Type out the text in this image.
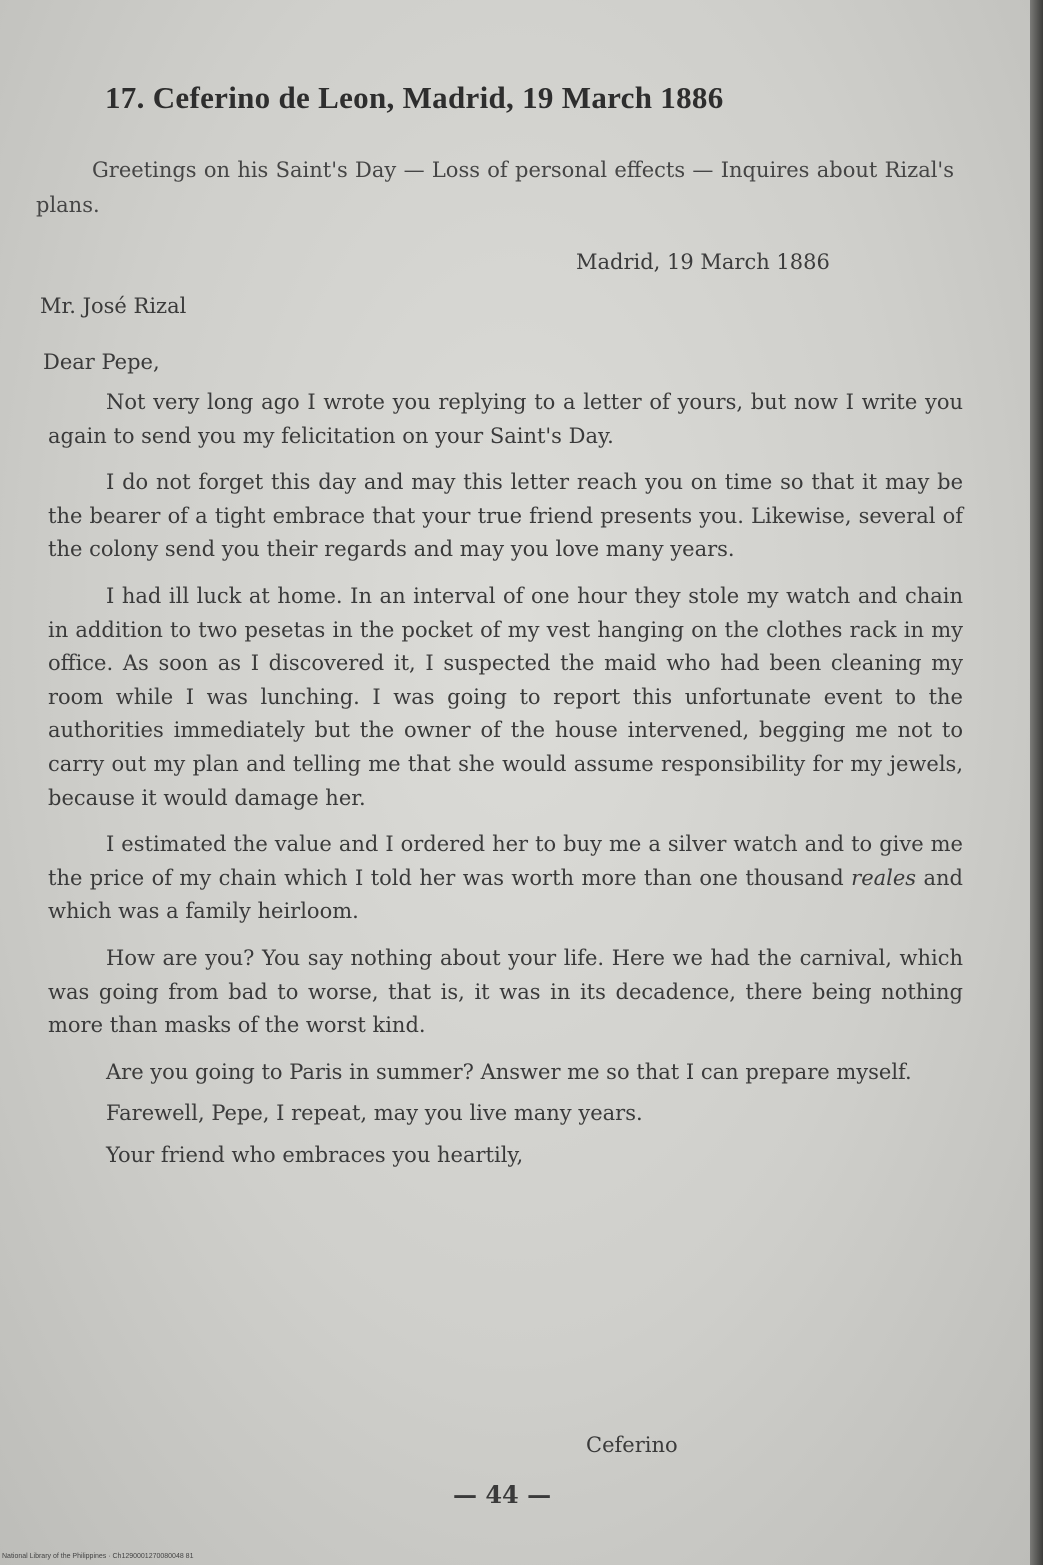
17. Ceferino de Leon, Madrid, 19 March 1886
Greetings on his Saint's Day — Loss of personal effects — Inquires about Rizal's plans.
Madrid, 19 March 1886
Mr. José Rizal
Dear Pepe,

Not very long ago I wrote you replying to a letter of yours, but now I write you again to send you my felicitation on your Saint's Day.

I do not forget this day and may this letter reach you on time so that it may be the bearer of a tight embrace that your true friend presents you. Likewise, several of the colony send you their regards and may you love many years.

I had ill luck at home. In an interval of one hour they stole my watch and chain in addition to two pesetas in the pocket of my vest hanging on the clothes rack in my office. As soon as I discovered it, I suspected the maid who had been cleaning my room while I was lunching. I was going to report this unfortunate event to the authorities immediately but the owner of the house intervened, begging me not to carry out my plan and telling me that she would assume responsibility for my jewels, because it would damage her.

I estimated the value and I ordered her to buy me a silver watch and to give me the price of my chain which I told her was worth more than one thousand reales and which was a family heirloom.

How are you? You say nothing about your life. Here we had the carnival, which was going from bad to worse, that is, it was in its decadence, there being nothing more than masks of the worst kind.

Are you going to Paris in summer? Answer me so that I can prepare myself.

Farewell, Pepe, I repeat, may you live many years.

Your friend who embraces you heartily,

Ceferino
— 44 —
National Library of the Philippines · Ch1290001270080048 81
